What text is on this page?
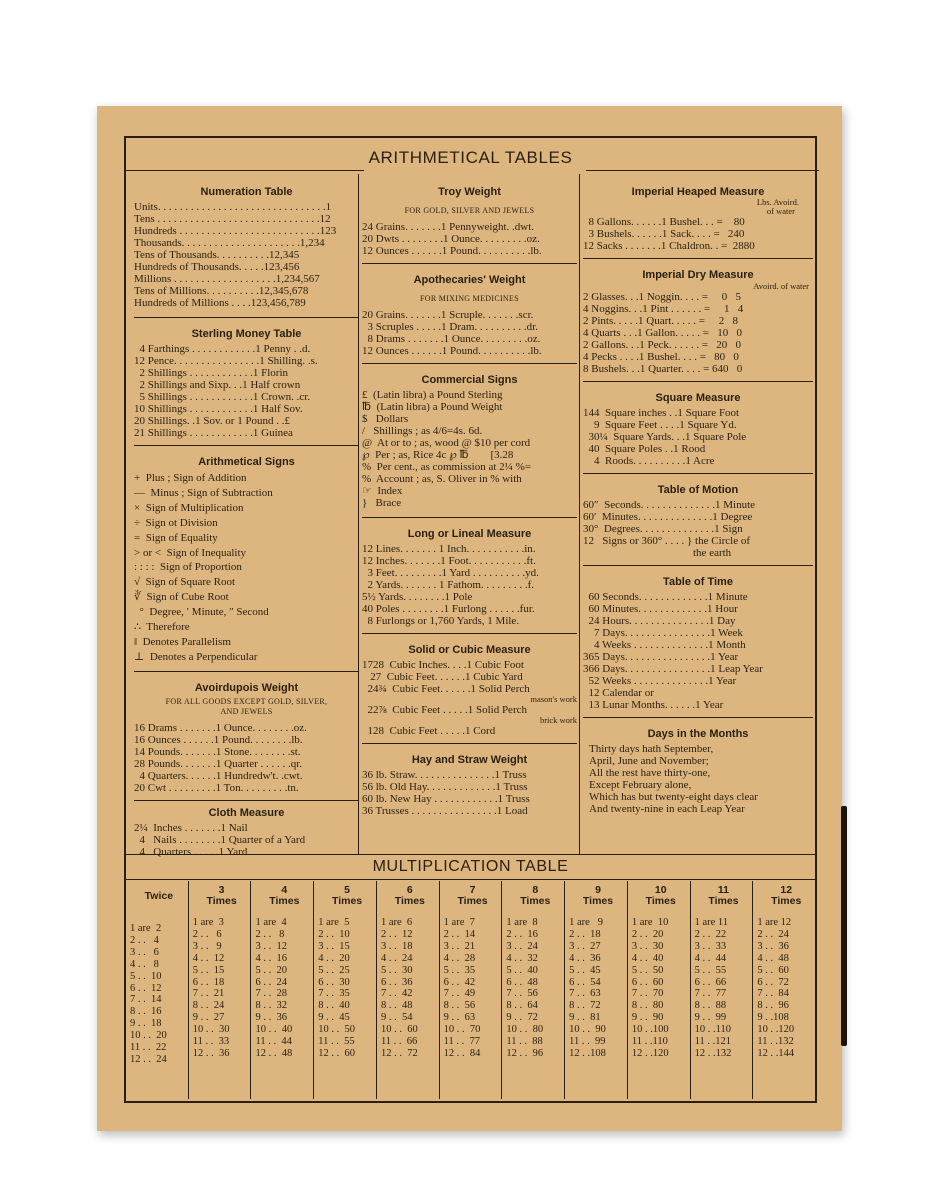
ARITHMETICAL TABLES
Numeration Table
Units. . . . . . . . . . . . . . . . . . . . . . . . . . . . . . .1
Tens . . . . . . . . . . . . . . . . . . . . . . . . . . . . . .12
Hundreds . . . . . . . . . . . . . . . . . . . . . . . . . .123
Thousands. . . . . . . . . . . . . . . . . . . . . .1,234
Tens of Thousands. . . . . . . . . .12,345
Hundreds of Thousands. . . . .123,456
Millions . . . . . . . . . . . . . . . . . . .1,234,567
Tens of Millions. . . . . . . . . .12,345,678
Hundreds of Millions . . . .123,456,789
Sterling Money Table
4 Farthings . . . . . . . . . . . .1 Penny . .d.
12 Pence. . . . . . . . . . . . . . . .1 Shilling. .s.
2 Shillings . . . . . . . . . . . .1 Florin
2 Shillings and Sixp. . .1 Half crown
5 Shillings . . . . . . . . . . . .1 Crown. .cr.
10 Shillings . . . . . . . . . . . .1 Half Sov.
20 Shillings. .1 Sov. or 1 Pound . .£
21 Shillings . . . . . . . . . . . .1 Guinea
Arithmetical Signs
+  Plus ; Sign of Addition
—  Minus ; Sign of Subtraction
×  Sign of Multiplication
÷  Sign ot Division
=  Sign of Equality
> or <  Sign of Inequality
: : : :  Sign of Proportion
√  Sign of Square Root
∛  Sign of Cube Root
°  Degree, ′ Minute, ″ Second
∴  Therefore
‖  Denotes Parallelism
⊥  Denotes a Perpendicular
Avoirdupois Weight
FOR ALL GOODS EXCEPT GOLD, SILVER,
AND JEWELS
16 Drams . . . . . . .1 Ounce. . . . . . . .oz.
16 Ounces . . . . . .1 Pound. . . . . . . .lb.
14 Pounds. . . . . . .1 Stone. . . . . . . .st.
28 Pounds. . . . . . .1 Quarter . . . . . .qr.
4 Quarters. . . . . .1 Hundredw't. .cwt.
20 Cwt . . . . . . . . .1 Ton. . . . . . . . .tn.
Cloth Measure
2¼  Inches . . . . . . .1 Nail
4   Nails . . . . . . . .1 Quarter of a Yard
4   Quarters . . . . .1 Yard
Troy Weight
FOR GOLD, SILVER AND JEWELS
24 Grains. . . . . . .1 Pennyweight. .dwt.
20 Dwts . . . . . . . .1 Ounce. . . . . . . . .oz.
12 Ounces . . . . . .1 Pound. . . . . . . . . .lb.
Apothecaries' Weight
FOR MIXING MEDICINES
20 Grains. . . . . . .1 Scruple. . . . . . .scr.
3 Scruples . . . . .1 Dram. . . . . . . . . .dr.
8 Drams . . . . . . .1 Ounce. . . . . . . . .oz.
12 Ounces . . . . . .1 Pound. . . . . . . . . .lb.
Commercial Signs
£  (Latin libra) a Pound Sterling
℔  (Latin libra) a Pound Weight
$   Dollars
/   Shillings ; as 4/6=4s. 6d.
@  At or to ; as, wood @ $10 per cord
℘  Per ; as, Rice 4c ℘ ℔        [3.28
%  Per cent., as commission at 2¼ %=
%  Account ; as, S. Oliver in % with
☞  Index
}   Brace
Long or Lineal Measure
12 Lines. . . . . . . 1 Inch. . . . . . . . . . .in.
12 Inches. . . . . . .1 Foot. . . . . . . . . . .ft.
3 Feet. . . . . . . . .1 Yard . . . . . . . . . .yd.
2 Yards. . . . . . . 1 Fathom. . . . . . . . .f.
5½ Yards. . . . . . . .1 Pole
40 Poles . . . . . . . .1 Furlong . . . . . .fur.
8 Furlongs or 1,760 Yards, 1 Mile.
Solid or Cubic Measure
1728  Cubic Inches. . . .1 Cubic Foot
27  Cubic Feet. . . . . .1 Cubic Yard
24¾  Cubic Feet. . . . . .1 Solid Perch
mason's work
22⅞  Cubic Feet . . . . .1 Solid Perch
brick work
128  Cubic Feet . . . . .1 Cord
Hay and Straw Weight
36 lb. Straw. . . . . . . . . . . . . . .1 Truss
56 lb. Old Hay. . . . . . . . . . . . .1 Truss
60 lb. New Hay . . . . . . . . . . . .1 Truss
36 Trusses . . . . . . . . . . . . . . . .1 Load
Imperial Heaped Measure
Lbs. Avoird.
of water
8 Gallons. . . . . .1 Bushel. . . =    80
3 Bushels. . . . . .1 Sack. . . . =   240
12 Sacks . . . . . . .1 Chaldron. . =  2880
Imperial Dry Measure
Avoird. of water
2 Glasses. . .1 Noggin. . . . =     0   5
4 Noggins. . .1 Pint . . . . . . =     1   4
2 Pints. . . . .1 Quart. . . . . =     2   8
4 Quarts . . .1 Gallon. . . . . =   10   0
2 Gallons. . .1 Peck. . . . . . =   20   0
4 Pecks . . . .1 Bushel. . . . =   80   0
8 Bushels. . .1 Quarter. . . . = 640   0
Square Measure
144  Square inches . .1 Square Foot
9  Square Feet . . . .1 Square Yd.
30¼  Square Yards. . .1 Square Pole
40  Square Poles . .1 Rood
4  Roods. . . . . . . . . .1 Acre
Table of Motion
60″  Seconds. . . . . . . . . . . . . .1 Minute
60′  Minutes. . . . . . . . . . . . . .1 Degree
30°  Degrees. . . . . . . . . . . . . .1 Sign
12   Signs or 360° . . . . } the Circle of
the earth
Table of Time
60 Seconds. . . . . . . . . . . . .1 Minute
60 Minutes. . . . . . . . . . . . .1 Hour
24 Hours. . . . . . . . . . . . . . .1 Day
7 Days. . . . . . . . . . . . . . . .1 Week
4 Weeks . . . . . . . . . . . . . .1 Month
365 Days. . . . . . . . . . . . . . . .1 Year
366 Days. . . . . . . . . . . . . . . .1 Leap Year
52 Weeks . . . . . . . . . . . . . .1 Year
12 Calendar or
13 Lunar Months. . . . . .1 Year
Days in the Months
Thirty days hath September,
April, June and November;
All the rest have thirty-one,
Except February alone,
Which has but twenty-eight days clear
And twenty-nine in each Leap Year
MULTIPLICATION TABLE
Twice
1 are  2
2 . .   4
3 . .   6
4 . .   8
5 . .  10
6 . .  12
7 . .  14
8 . .  16
9 . .  18
10 . .  20
11 . .  22
12 . .  24
3
Times
1 are  3
2 . .   6
3 . .   9
4 . .  12
5 . .  15
6 . .  18
7 . .  21
8 . .  24
9 . .  27
10 . .  30
11 . .  33
12 . .  36
4
Times
1 are  4
2 . .   8
3 . .  12
4 . .  16
5 . .  20
6 . .  24
7 . .  28
8 . .  32
9 . .  36
10 . .  40
11 . .  44
12 . .  48
5
Times
1 are  5
2 . .  10
3 . .  15
4 . .  20
5 . .  25
6 . .  30
7 . .  35
8 . .  40
9 . .  45
10 . .  50
11 . .  55
12 . .  60
6
Times
1 are  6
2 . .  12
3 . .  18
4 . .  24
5 . .  30
6 . .  36
7 . .  42
8 . .  48
9 . .  54
10 . .  60
11 . .  66
12 . .  72
7
Times
1 are  7
2 . .  14
3 . .  21
4 . .  28
5 . .  35
6 . .  42
7 . .  49
8 . .  56
9 . .  63
10 . .  70
11 . .  77
12 . .  84
8
Times
1 are  8
2 . .  16
3 . .  24
4 . .  32
5 . .  40
6 . .  48
7 . .  56
8 . .  64
9 . .  72
10 . .  80
11 . .  88
12 . .  96
9
Times
1 are   9
2 . .  18
3 . .  27
4 . .  36
5 . .  45
6 . .  54
7 . .  63
8 . .  72
9 . .  81
10 . .  90
11 . .  99
12 . .108
10
Times
1 are  10
2 . .  20
3 . .  30
4 . .  40
5 . .  50
6 . .  60
7 . .  70
8 . .  80
9 . .  90
10 . .100
11 . .110
12 . .120
11
Times
1 are 11
2 . .  22
3 . .  33
4 . .  44
5 . .  55
6 . .  66
7 . .  77
8 . .  88
9 . .  99
10 . .110
11 . .121
12 . .132
12
Times
1 are 12
2 . .  24
3 . .  36
4 . .  48
5 . .  60
6 . .  72
7 . .  84
8 . .  96
9 . .108
10 . .120
11 . .132
12 . .144
